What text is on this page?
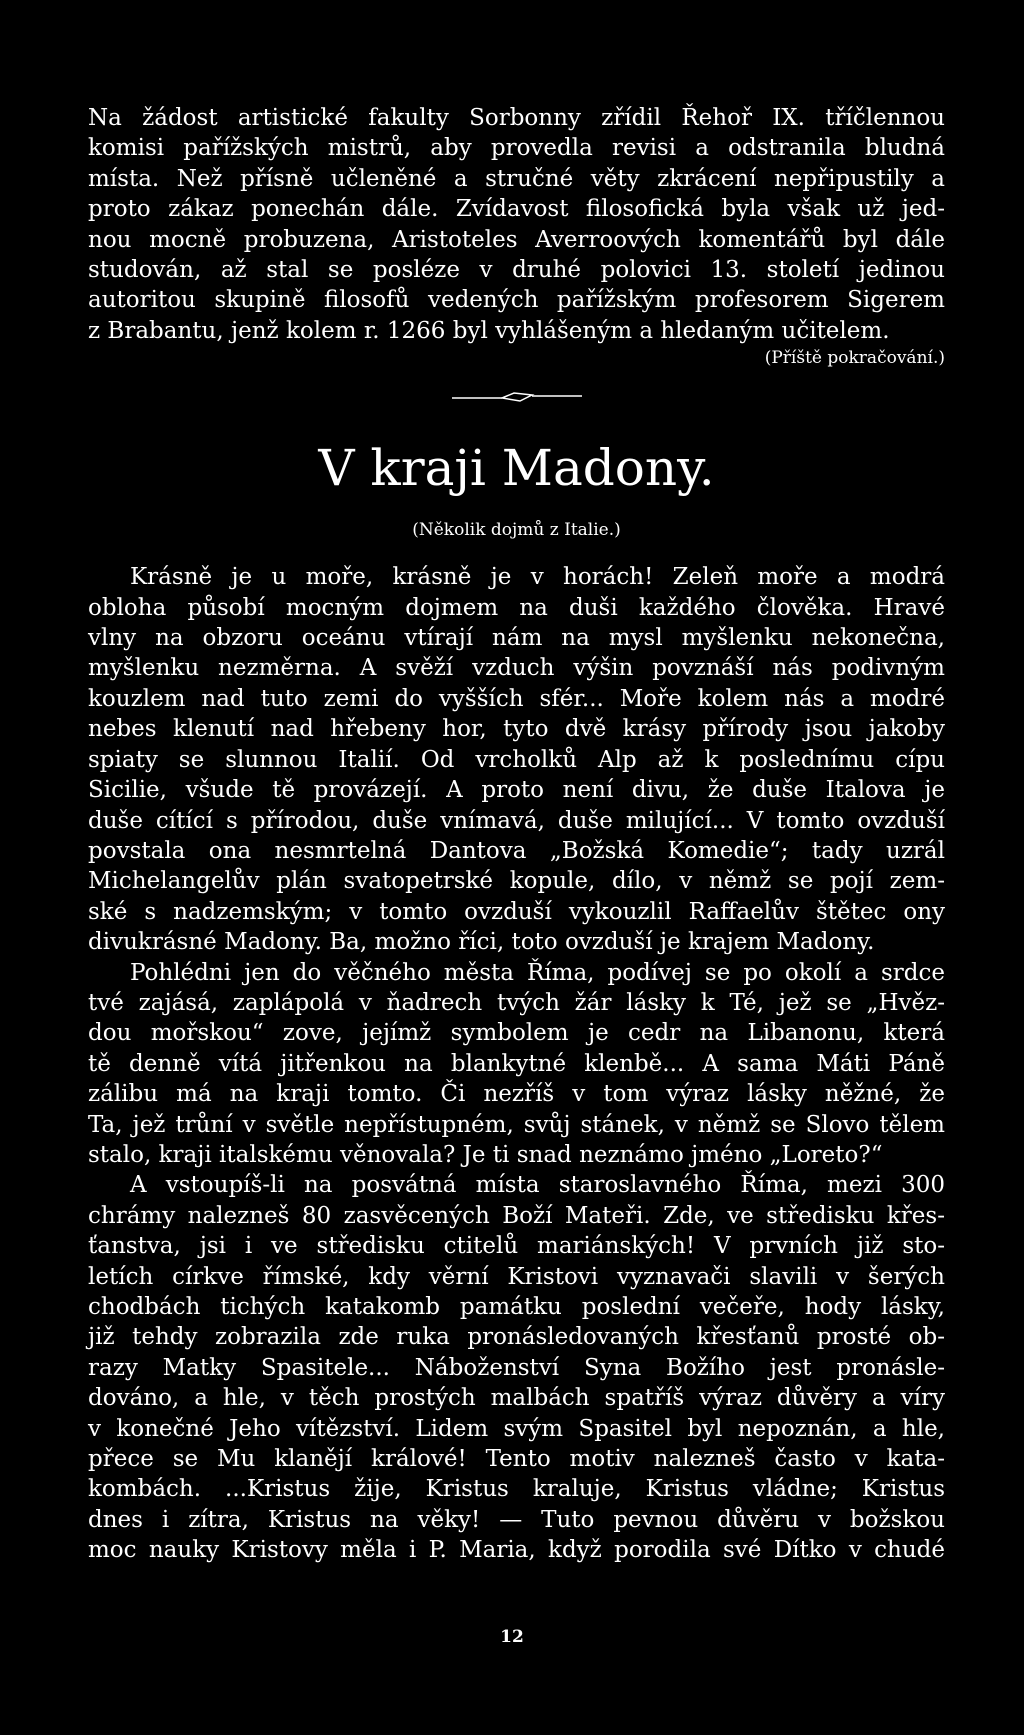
Na žádost artistické fakulty Sorbonny zřídil Řehoř IX. tříčlennou
komisi pařížských mistrů, aby provedla revisi a odstranila bludná
místa. Než přísně učleněné a stručné věty zkrácení nepřipustily a
proto zákaz ponechán dále. Zvídavost filosofická byla však už jed-
nou mocně probuzena, Aristoteles Averroových komentářů byl dále
studován, až stal se posléze v druhé polovici 13. století jedinou
autoritou skupině filosofů vedených pařížským profesorem Sigerem
z Brabantu, jenž kolem r. 1266 byl vyhlášeným a hledaným učitelem.
(Příště pokračování.)
V kraji Madony.
(Několik dojmů z Italie.)
Krásně je u moře, krásně je v horách! Zeleň moře a modrá
obloha působí mocným dojmem na duši každého člověka. Hravé
vlny na obzoru oceánu vtírají nám na mysl myšlenku nekonečna,
myšlenku nezměrna. A svěží vzduch výšin povznáší nás podivným
kouzlem nad tuto zemi do vyšších sfér... Moře kolem nás a modré
nebes klenutí nad hřebeny hor, tyto dvě krásy přírody jsou jakoby
spiaty se slunnou Italií. Od vrcholků Alp až k poslednímu cípu
Sicilie, všude tě provázejí. A proto není divu, že duše Italova je
duše cítící s přírodou, duše vnímavá, duše milující... V tomto ovzduší
povstala ona nesmrtelná Dantova „Božská Komedie“; tady uzrál
Michelangelův plán svatopetrské kopule, dílo, v němž se pojí zem-
ské s nadzemským; v tomto ovzduší vykouzlil Raffaelův štětec ony
divukrásné Madony. Ba, možno říci, toto ovzduší je krajem Madony.
Pohlédni jen do věčného města Říma, podívej se po okolí a srdce
tvé zajásá, zaplápolá v ňadrech tvých žár lásky k Té, jež se „Hvěz-
dou mořskou“ zove, jejímž symbolem je cedr na Libanonu, která
tě denně vítá jitřenkou na blankytné klenbě... A sama Máti Páně
zálibu má na kraji tomto. Či nezříš v tom výraz lásky něžné, že
Ta, jež trůní v světle nepřístupném, svůj stánek, v němž se Slovo tělem
stalo, kraji italskému věnovala? Je ti snad neznámo jméno „Loreto?“
A vstoupíš-li na posvátná místa staroslavného Říma, mezi 300
chrámy nalezneš 80 zasvěcených Boží Mateři. Zde, ve středisku křes-
ťanstva, jsi i ve středisku ctitelů mariánských! V prvních již sto-
letích církve římské, kdy věrní Kristovi vyznavači slavili v šerých
chodbách tichých katakomb památku poslední večeře, hody lásky,
již tehdy zobrazila zde ruka pronásledovaných křesťanů prosté ob-
razy Matky Spasitele... Náboženství Syna Božího jest pronásle-
dováno, a hle, v těch prostých malbách spatříš výraz důvěry a víry
v konečné Jeho vítězství. Lidem svým Spasitel byl nepoznán, a hle,
přece se Mu klanějí králové! Tento motiv nalezneš často v kata-
kombách. ...Kristus žije, Kristus kraluje, Kristus vládne; Kristus
dnes i zítra, Kristus na věky! — Tuto pevnou důvěru v božskou
moc nauky Kristovy měla i P. Maria, když porodila své Dítko v chudé
12
